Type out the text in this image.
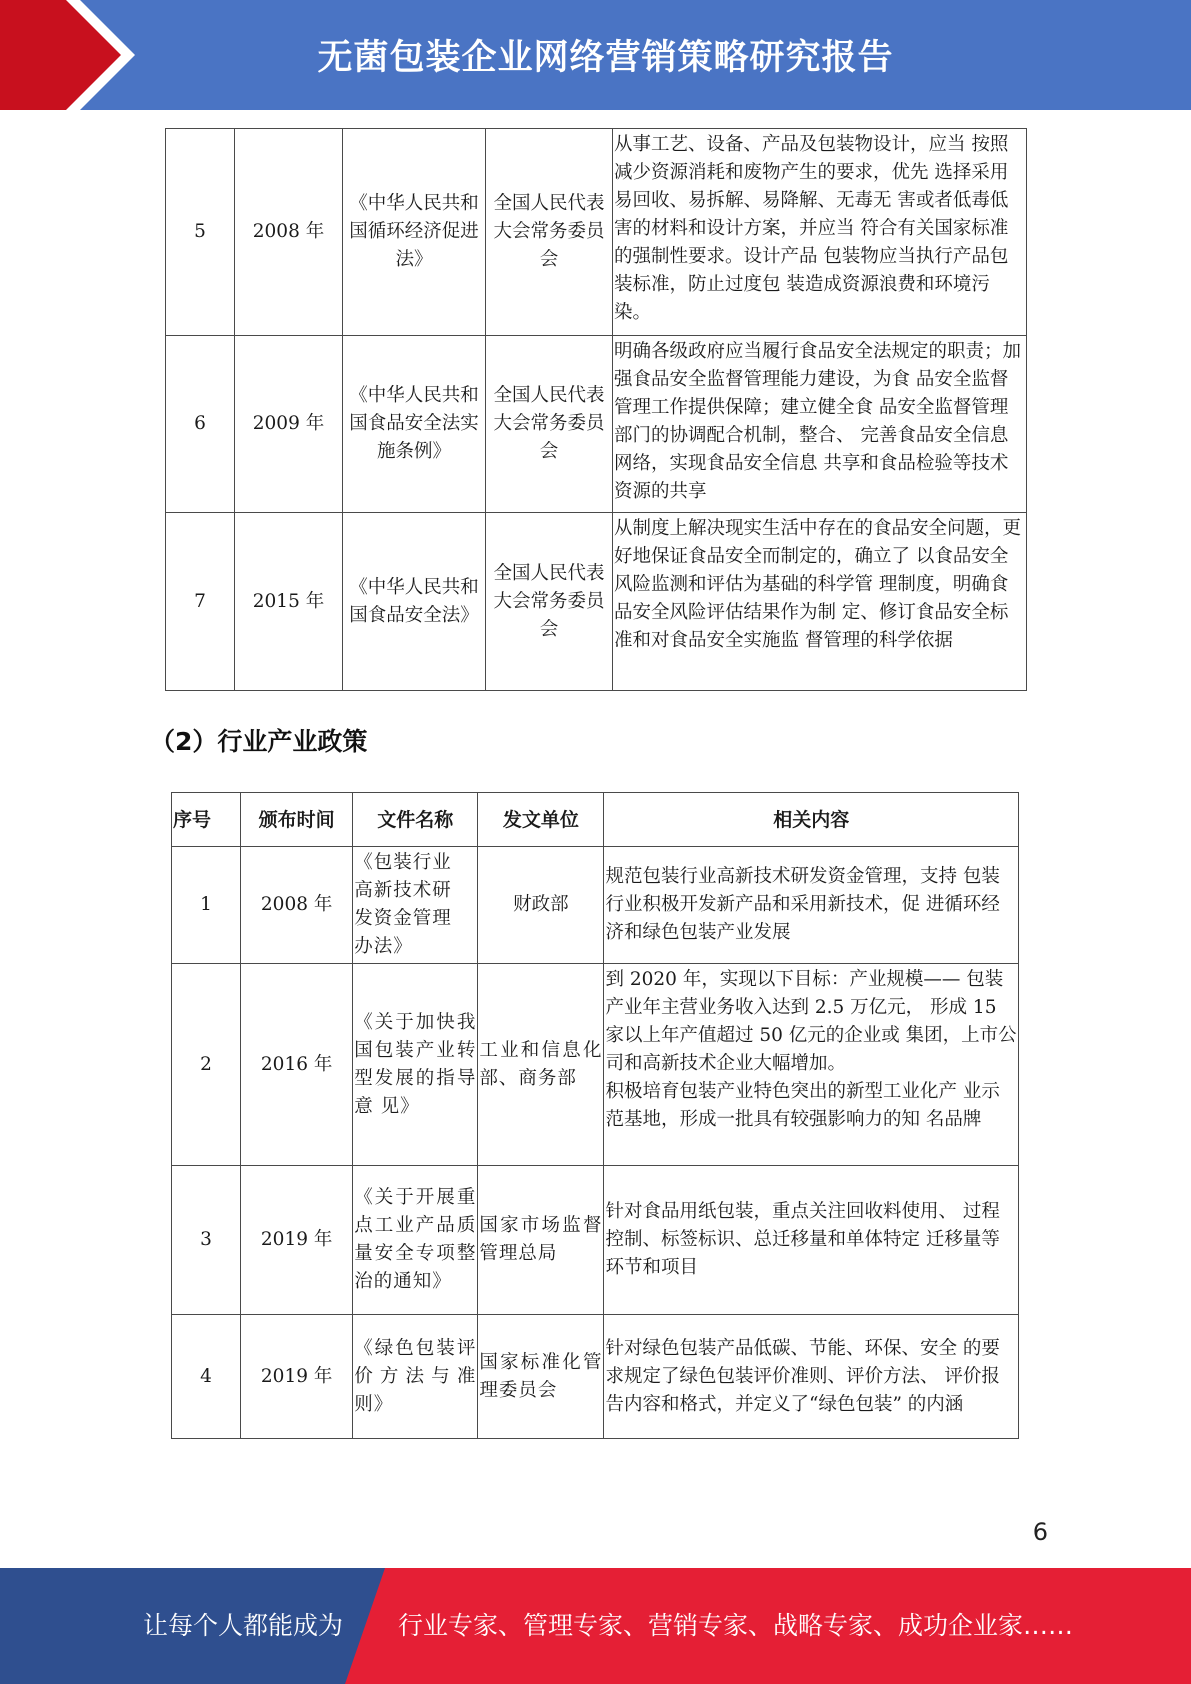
无菌包装企业网络营销策略研究报告
5	2008 年	《中华人民共和国循环经济促进法》	全国人民代表大会常务委员会	从事工艺、设备、产品及包装物设计，应当 按照减少资源消耗和废物产生的要求，优先 选择采用易回收、易拆解、易降解、无毒无 害或者低毒低害的材料和设计方案，并应当 符合有关国家标准的强制性要求。设计产品 包装物应当执行产品包装标准，防止过度包 装造成资源浪费和环境污染。
6	2009 年	《中华人民共和国食品安全法实施条例》	全国人民代表大会常务委员会	明确各级政府应当履行食品安全法规定的职责；加强食品安全监督管理能力建设，为食 品安全监督管理工作提供保障；建立健全食 品安全监督管理部门的协调配合机制，整合、 完善食品安全信息网络，实现食品安全信息 共享和食品检验等技术资源的共享
7	2015 年	《中华人民共和国食品安全法》	全国人民代表大会常务委员会	从制度上解决现实生活中存在的食品安全问题，更好地保证食品安全而制定的，确立了 以食品安全风险监测和评估为基础的科学管 理制度，明确食品安全风险评估结果作为制 定、修订食品安全标准和对食品安全实施监 督管理的科学依据
（2）行业产业政策
序号	颁布时间	文件名称	发文单位	相关内容
1	2008 年	《包装行业 高新技术研 发资金管理 办法》	财政部	规范包装行业高新技术研发资金管理，支持 包装行业积极开发新产品和采用新技术，促 进循环经济和绿色包装产业发展
2	2016 年	《关于加快我国包装产业转型发展的指导意 见》	工业和信息化部、商务部	到 2020 年，实现以下目标：产业规模—— 包装产业年主营业务收入达到 2.5 万亿元， 形成 15 家以上年产值超过 50 亿元的企业或 集团，上市公司和高新技术企业大幅增加。
积极培育包装产业特色突出的新型工业化产 业示范基地，形成一批具有较强影响力的知 名品牌

3	2019 年	《关于开展重点工业产品质量安全专项整治的通知》	国家市场监督管理总局	针对食品用纸包装，重点关注回收料使用、 过程控制、标签标识、总迁移量和单体特定 迁移量等环节和项目
4	2019 年	《绿色包装评价方法与准则》	国家标准化管理委员会	针对绿色包装产品低碳、节能、环保、安全 的要求规定了绿色包装评价准则、评价方法、 评价报告内容和格式，并定义了“绿色包装” 的内涵
6
让每个人都能成为 行业专家、管理专家、营销专家、战略专家、成功企业家……
